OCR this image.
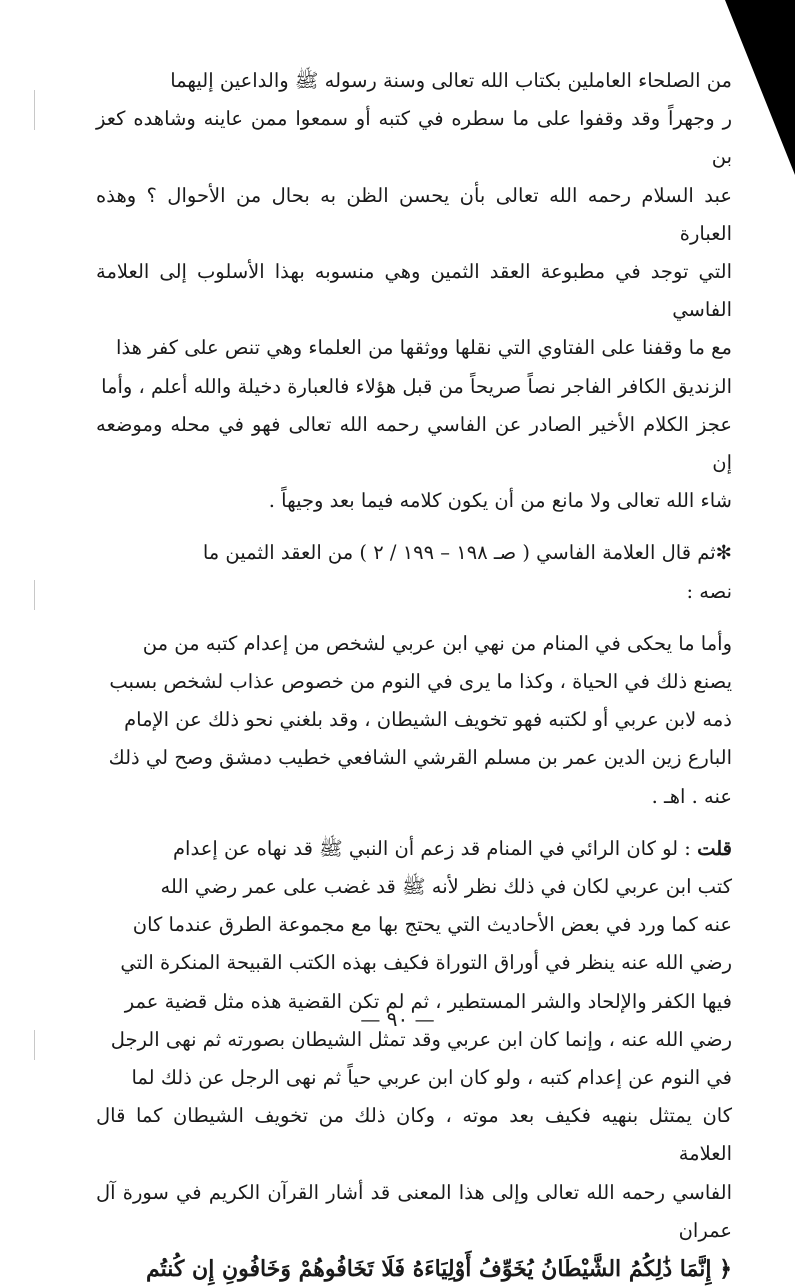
من الصلحاء العاملين بكتاب الله تعالى وسنة رسوله ﷺ والداعين إليهما
ر وجهراً وقد وقفوا على ما سطره في كتبه أو سمعوا ممن عاينه وشاهده كعز بن
عبد السلام رحمه الله تعالى بأن يحسن الظن به بحال من الأحوال ؟ وهذه العبارة
التي توجد في مطبوعة العقد الثمين وهي منسوبه بهذا الأسلوب إلى العلامة الفاسي
مع ما وقفنا على الفتاوي التي نقلها ووثقها من العلماء وهي تنص على كفر هذا
الزنديق الكافر الفاجر نصاً صريحاً من قبل هؤلاء فالعبارة دخيلة والله أعلم ، وأما
عجز الكلام الأخير الصادر عن الفاسي رحمه الله تعالى فهو في محله وموضعه إن
شاء الله تعالى ولا مانع من أن يكون كلامه فيما بعد وجيهاً .
✻ثم قال العلامة الفاسي ( صـ ١٩٨ – ١٩٩ / ٢ ) من العقد الثمين ما
نصه :
وأما ما يحكى في المنام من نهي ابن عربي لشخص من إعدام كتبه من من
يصنع ذلك في الحياة ، وكذا ما يرى في النوم من خصوص عذاب لشخص بسبب
ذمه لابن عربي أو لكتبه فهو تخويف الشيطان ، وقد بلغني نحو ذلك عن الإمام
البارع زين الدين عمر بن مسلم القرشي الشافعي خطيب دمشق وصح لي ذلك
عنه . اهـ .
قلت : لو كان الرائي في المنام قد زعم أن النبي ﷺ قد نهاه عن إعدام
كتب ابن عربي لكان في ذلك نظر لأنه ﷺ قد غضب على عمر رضي الله
عنه كما ورد في بعض الأحاديث التي يحتج بها مع مجموعة الطرق عندما كان
رضي الله عنه ينظر في أوراق التوراة فكيف بهذه الكتب القبيحة المنكرة التي
فيها الكفر والإلحاد والشر المستطير ، ثم لم تكن القضية هذه مثل قضية عمر
رضي الله عنه ، وإنما كان ابن عربي وقد تمثل الشيطان بصورته ثم نهى الرجل
في النوم عن إعدام كتبه ، ولو كان ابن عربي حياً ثم نهى الرجل عن ذلك لما
كان يمتثل بنهيه فكيف بعد موته ، وكان ذلك من تخويف الشيطان كما قال العلامة
الفاسي رحمه الله تعالى وإلى هذا المعنى قد أشار القرآن الكريم في سورة آل عمران
﴿ إِنَّمَا ذَٰلِكُمُ الشَّيْطَانُ يُخَوِّفُ أَوْلِيَاءَهُ فَلَا تَخَافُوهُمْ وَخَافُونِ إِن كُنتُم
— ٩٠ —
